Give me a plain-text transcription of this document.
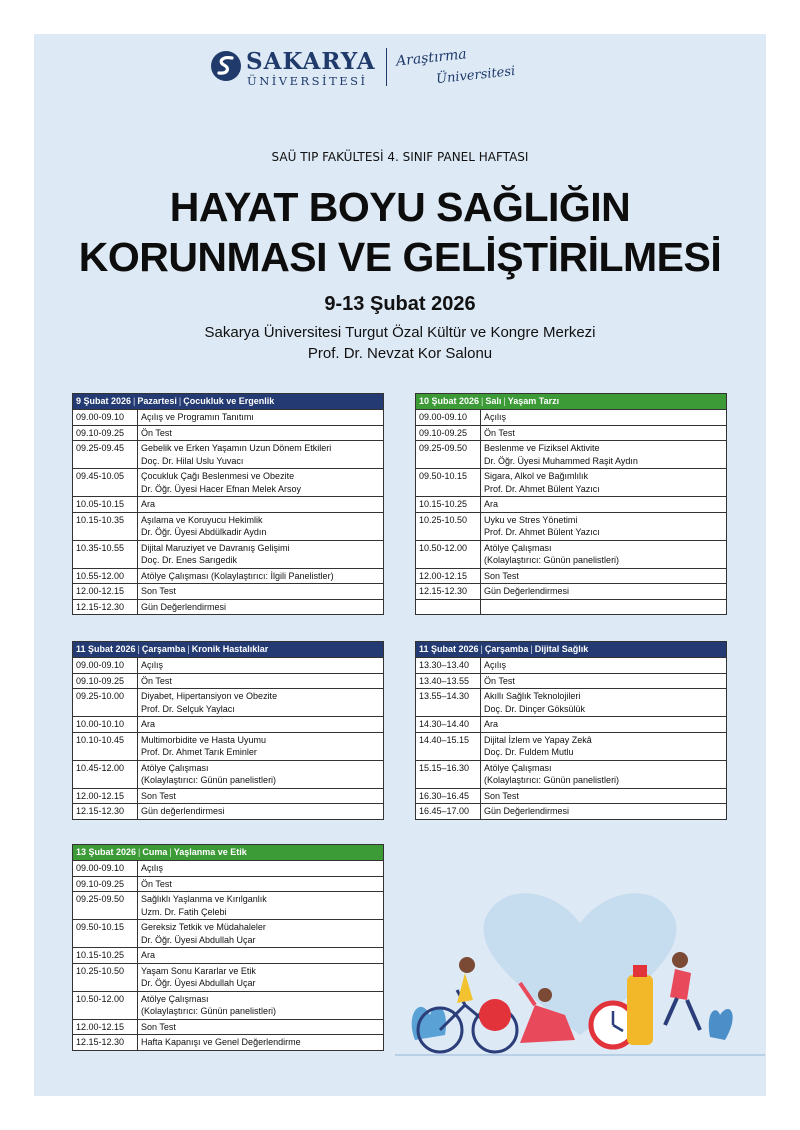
SAKARYA
ÜNİVERSİTESİ
Araştırma
Üniversitesi
SAÜ TIP FAKÜLTESİ 4. SINIF PANEL HAFTASI
HAYAT BOYU SAĞLIĞIN
KORUNMASI VE GELİŞTİRİLMESİ
9-13 Şubat 2026
Sakarya Üniversitesi Turgut Özal Kültür ve Kongre Merkezi
Prof. Dr. Nevzat Kor Salonu
9 Şubat 2026 | Pazartesi | Çocukluk ve Ergenlik	
09.00-09.10	Açılış ve Programın Tanıtımı

09.10-09.25	Ön Test

09.25-09.45	Gebelik ve Erken Yaşamın Uzun Dönem Etkileri
Doç. Dr. Hilal Uslu Yuvacı

09.45-10.05	Çocukluk Çağı Beslenmesi ve Obezite
Dr. Öğr. Üyesi Hacer Efnan Melek Arsoy

10.05-10.15	Ara

10.15-10.35	Aşılama ve Koruyucu Hekimlik
Dr. Öğr. Üyesi Abdülkadir Aydın

10.35-10.55	Dijital Maruziyet ve Davranış Gelişimi
Doç. Dr. Enes Sarıgedik

10.55-12.00	Atölye Çalışması (Kolaylaştırıcı: İlgili Panelistler)

12.00-12.15	Son Test

12.15-12.30	Gün Değerlendirmesi
10 Şubat 2026 | Salı | Yaşam Tarzı	
09.00-09.10	Açılış

09.10-09.25	Ön Test

09.25-09.50	Beslenme ve Fiziksel Aktivite
Dr. Öğr. Üyesi Muhammed Raşit Aydın

09.50-10.15	Sigara, Alkol ve Bağımlılık
Prof. Dr. Ahmet Bülent Yazıcı

10.15-10.25	Ara

10.25-10.50	Uyku ve Stres Yönetimi
Prof. Dr. Ahmet Bülent Yazıcı

10.50-12.00	Atölye Çalışması
(Kolaylaştırıcı: Günün panelistleri)

12.00-12.15	Son Test

12.15-12.30	Gün Değerlendirmesi

11 Şubat 2026 | Çarşamba | Kronik Hastalıklar	
09.00-09.10	Açılış

09.10-09.25	Ön Test

09.25-10.00	Diyabet, Hipertansiyon ve Obezite
Prof. Dr. Selçuk Yaylacı

10.00-10.10	Ara

10.10-10.45	Multimorbidite ve Hasta Uyumu
Prof. Dr. Ahmet Tarık Eminler

10.45-12.00	Atölye Çalışması
(Kolaylaştırıcı: Günün panelistleri)

12.00-12.15	Son Test

12.15-12.30	Gün değerlendirmesi
11 Şubat 2026 | Çarşamba | Dijital Sağlık	
13.30–13.40	Açılış

13.40–13.55	Ön Test

13.55–14.30	Akıllı Sağlık Teknolojileri
Doç. Dr. Dinçer Göksülük

14.30–14.40	Ara

14.40–15.15	Dijital İzlem ve Yapay Zekâ
Doç. Dr. Fuldem Mutlu

15.15–16.30	Atölye Çalışması
(Kolaylaştırıcı: Günün panelistleri)

16.30–16.45	Son Test

16.45–17.00	Gün Değerlendirmesi
13 Şubat 2026 | Cuma | Yaşlanma ve Etik	
09.00-09.10	Açılış

09.10-09.25	Ön Test

09.25-09.50	Sağlıklı Yaşlanma ve Kırılganlık
Uzm. Dr. Fatih Çelebi

09.50-10.15	Gereksiz Tetkik ve Müdahaleler
Dr. Öğr. Üyesi Abdullah Uçar

10.15-10.25	Ara

10.25-10.50	Yaşam Sonu Kararlar ve Etik
Dr. Öğr. Üyesi Abdullah Uçar

10.50-12.00	Atölye Çalışması
(Kolaylaştırıcı: Günün panelistleri)

12.00-12.15	Son Test

12.15-12.30	Hafta Kapanışı ve Genel Değerlendirme
